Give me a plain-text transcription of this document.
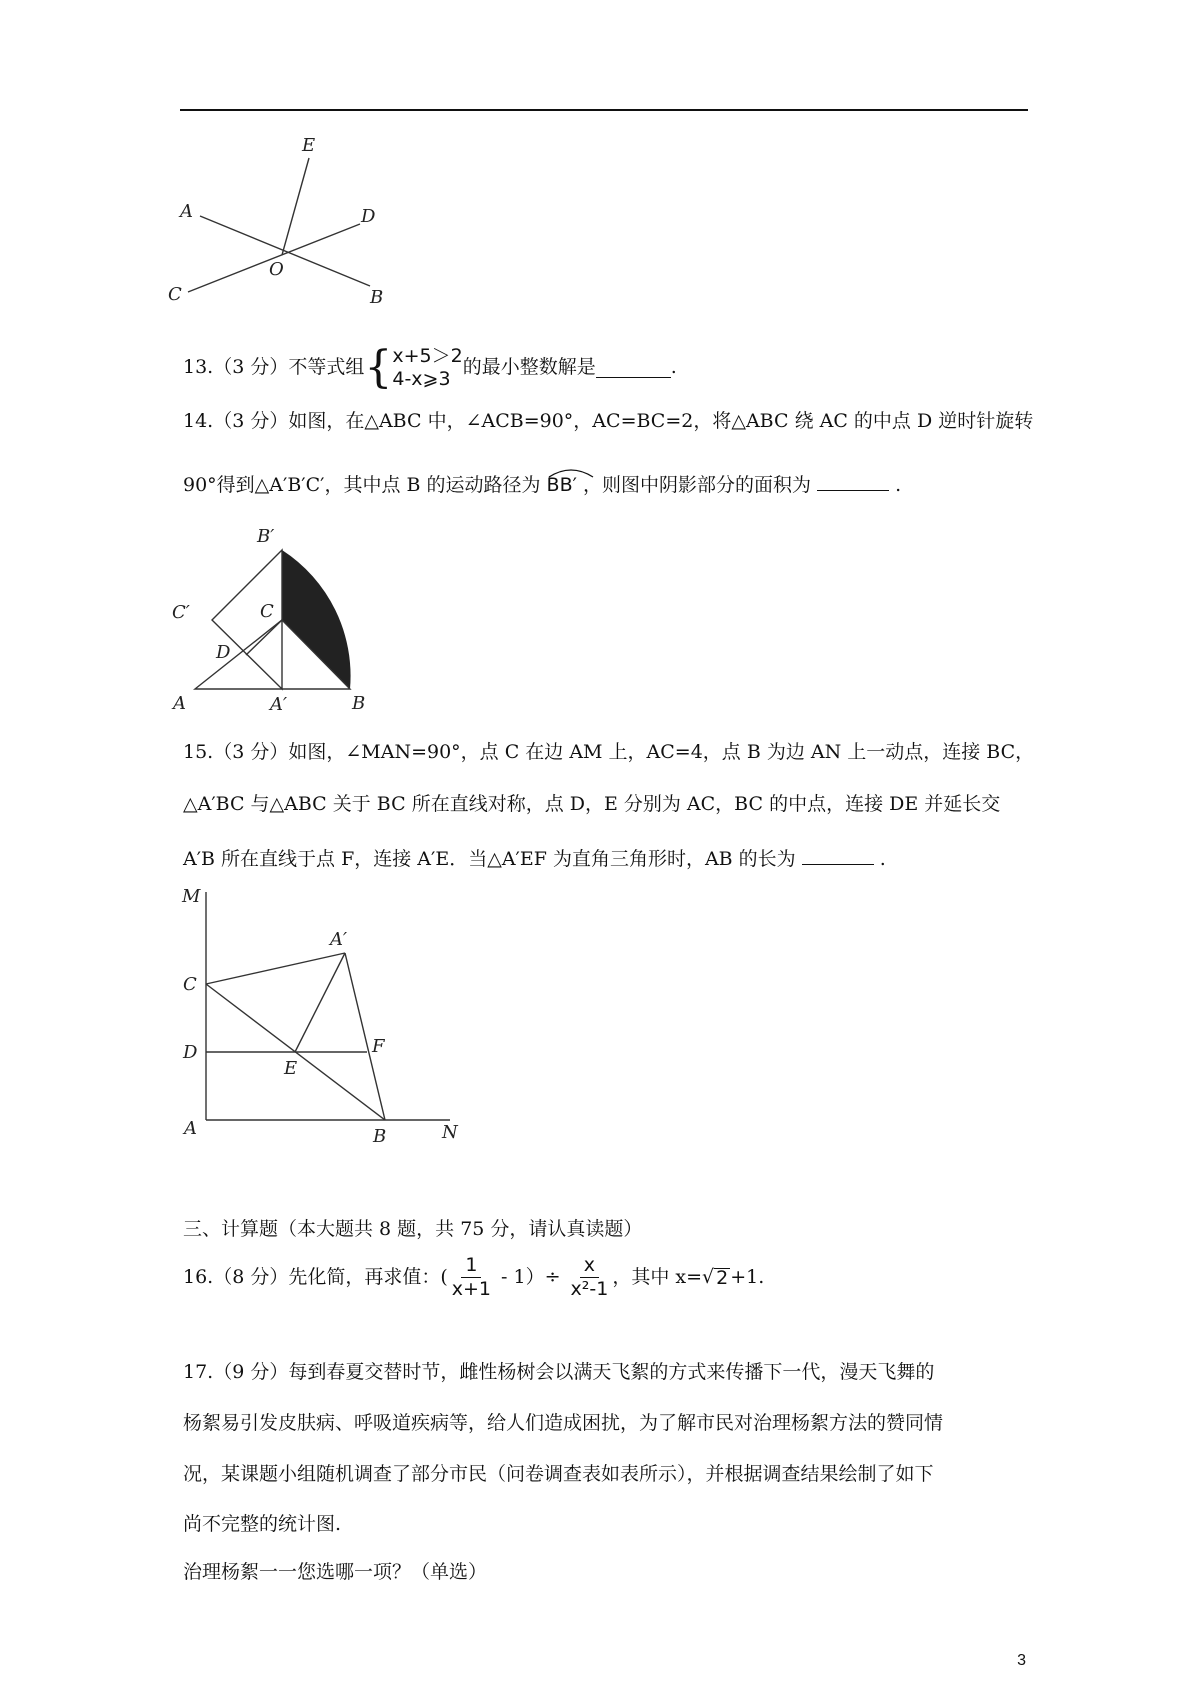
E
A	D
O
C	B
13.（3 分）不等式组 { x+5＞2
4-x⩾3
的最小整数解是	.
14.（3 分）如图，在△ABC 中，∠ACB=90°，AC=BC=2，将△ABC 绕 AC 的中点 D 逆时针旋转
90°得到△A′B′C′，其中点 B 的运动路径为 BB′ ，则图中阴影部分的面积为	.
B′
C′	C
D
A	A′	B
15.（3 分）如图，∠MAN=90°，点 C 在边 AM 上，AC=4，点 B 为边 AN 上一动点，连接 BC，
△A′BC 与△ABC 关于 BC 所在直线对称，点 D，E 分别为 AC，BC 的中点，连接 DE 并延长交
A′B 所在直线于点 F，连接 A′E．当△A′EF 为直角三角形时，AB 的长为	.
M
A′
C
D
E
F
A	B	N
三、计算题（本大题共 8 题，共 75 分，请认真读题）
16.（8 分）先化简，再求值：( $\frac{1}{x+1} - 1)\div \frac{x}{\text{x²-1}}$ ，其中 x= √ 2 +1.
17.（9 分）每到春夏交替时节，雌性杨树会以满天飞絮的方式来传播下一代，漫天飞舞的
杨絮易引发皮肤病、呼吸道疾病等，给人们造成困扰，为了解市民对治理杨絮方法的赞同情
况，某课题小组随机调查了部分市民（问卷调查表如表所示），并根据调查结果绘制了如下
尚不完整的统计图.
治理杨絮一一您选哪一项？（单选）
3
